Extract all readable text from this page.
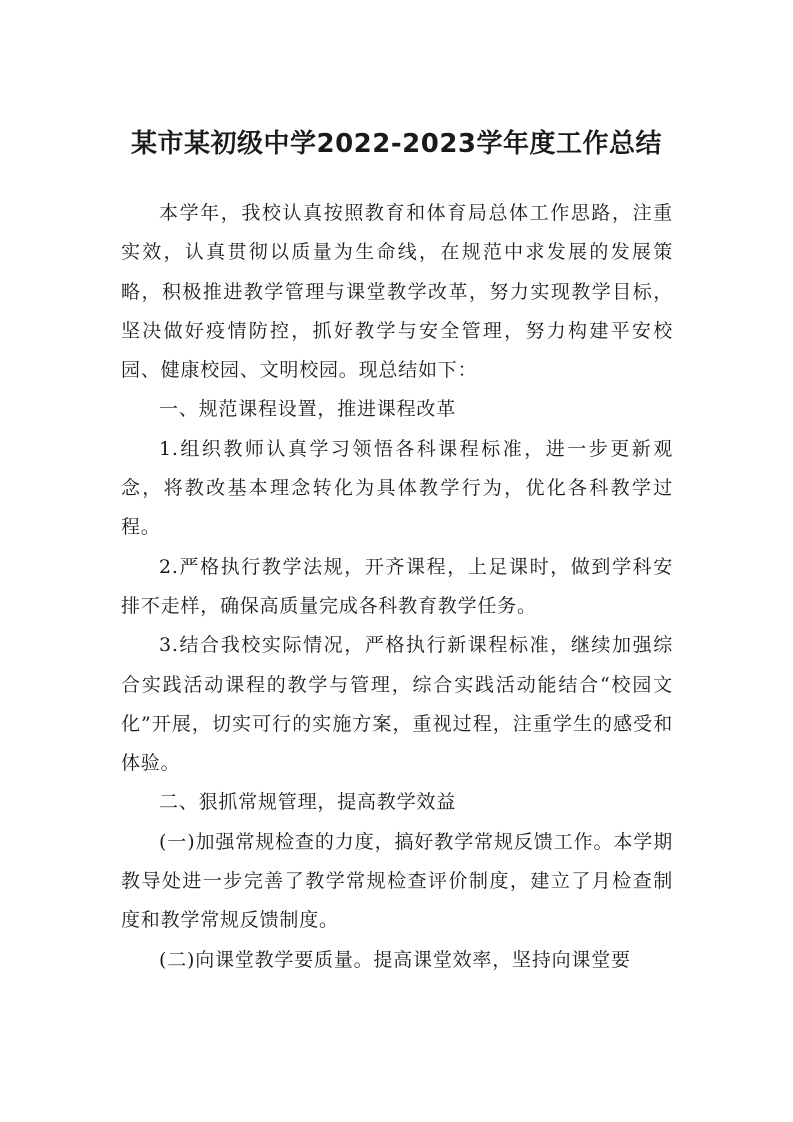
某市某初级中学2022-2023学年度工作总结

本学年，我校认真按照教育和体育局总体工作思路，注重实效，认真贯彻以质量为生命线，在规范中求发展的发展策略，积极推进教学管理与课堂教学改革，努力实现教学目标，坚决做好疫情防控，抓好教学与安全管理，努力构建平安校园、健康校园、文明校园。现总结如下：

一、规范课程设置，推进课程改革

1.组织教师认真学习领悟各科课程标准，进一步更新观念，将教改基本理念转化为具体教学行为，优化各科教学过程。

2.严格执行教学法规，开齐课程，上足课时，做到学科安排不走样，确保高质量完成各科教育教学任务。

3.结合我校实际情况，严格执行新课程标准，继续加强综合实践活动课程的教学与管理，综合实践活动能结合“校园文化”开展，切实可行的实施方案，重视过程，注重学生的感受和体验。

二、狠抓常规管理，提高教学效益

(一)加强常规检查的力度，搞好教学常规反馈工作。本学期教导处进一步完善了教学常规检查评价制度，建立了月检查制度和教学常规反馈制度。

(二)向课堂教学要质量。提高课堂效率，坚持向课堂要
